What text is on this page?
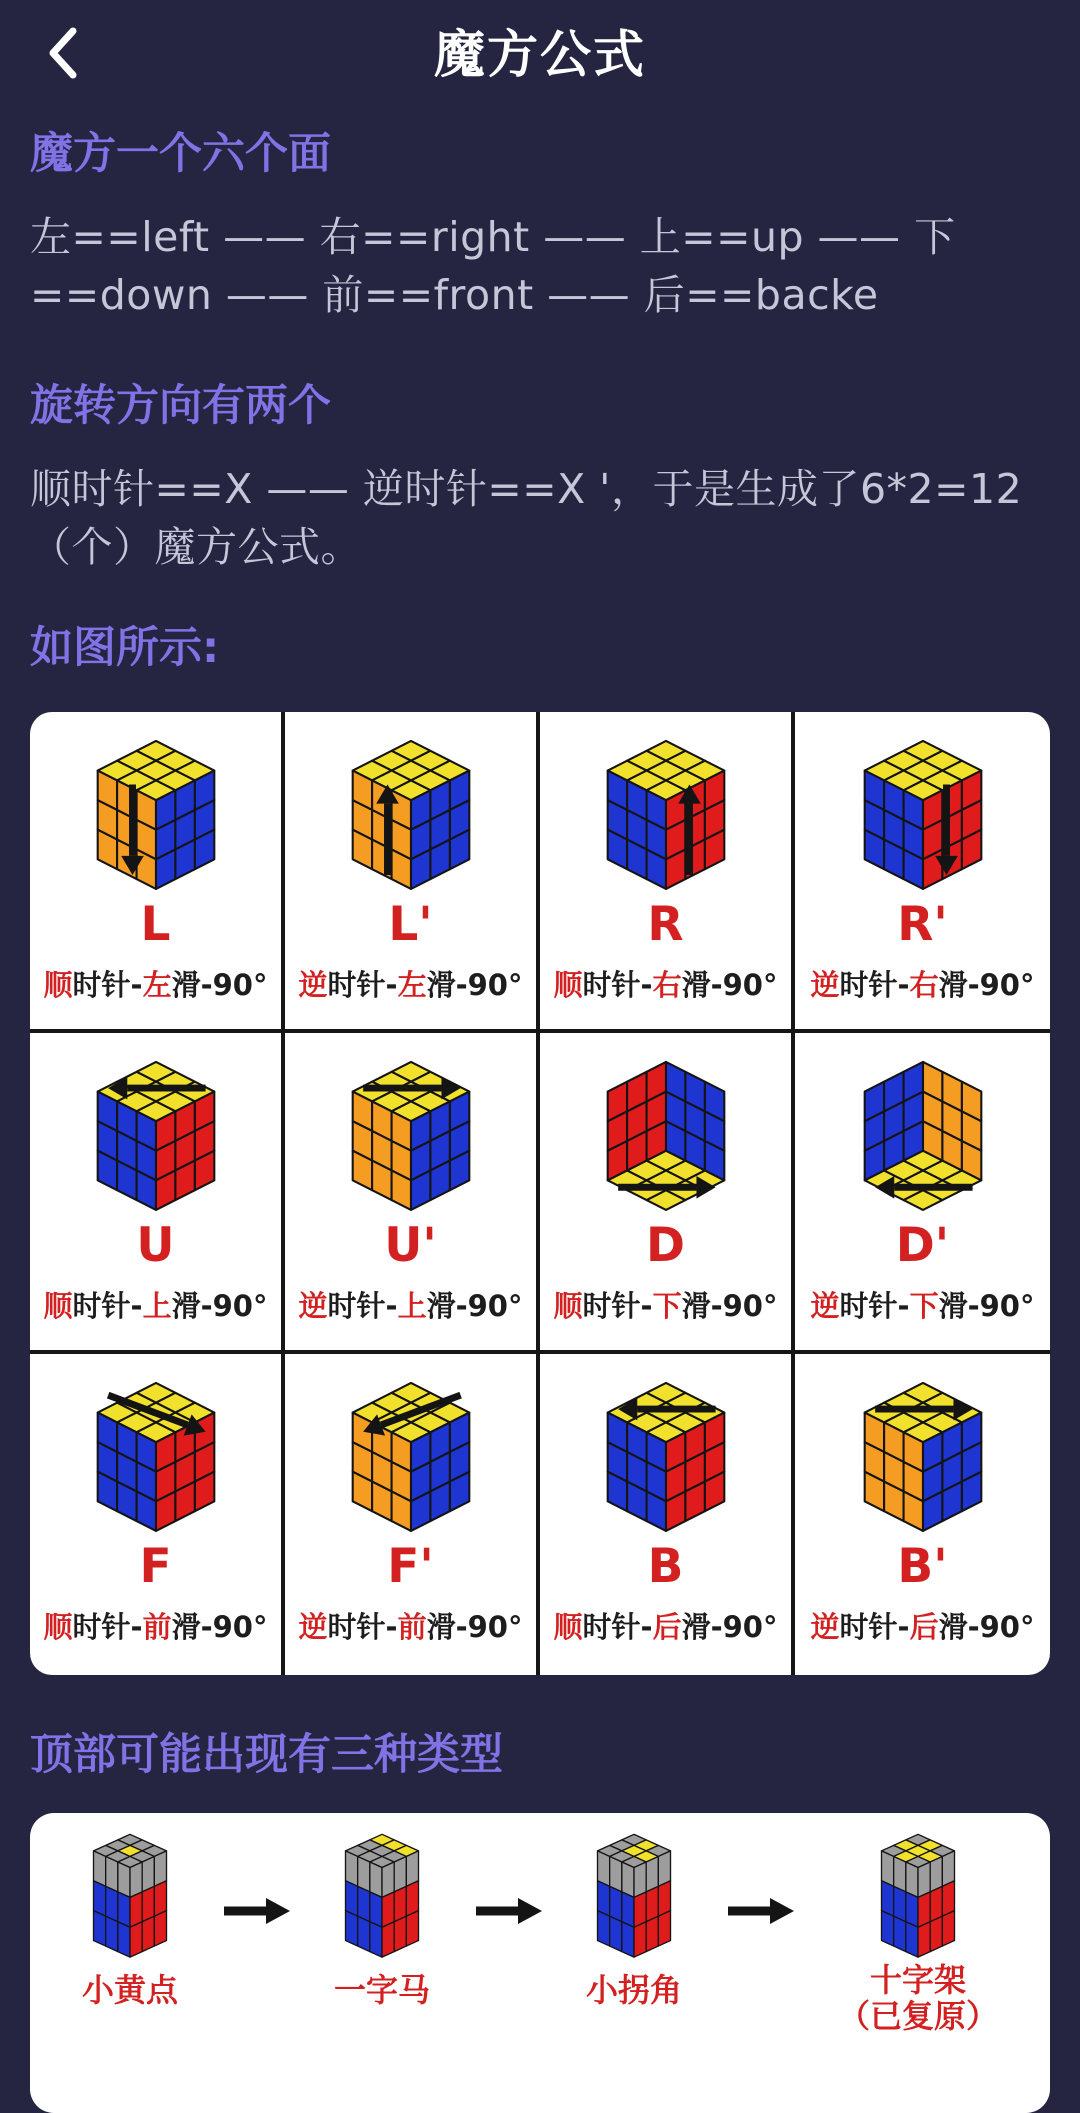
魔方公式
魔方一个六个面
左==left —— 右==right —— 上==up —— 下==down —— 前==front —— 后==backe
旋转方向有两个
顺时针==X —— 逆时针==X '，于是生成了6*2=12（个）魔方公式。
如图所示:
L
顺时针-左滑-90°
L'
逆时针-左滑-90°
R
顺时针-右滑-90°
R'
逆时针-右滑-90°
U
顺时针-上滑-90°
U'
逆时针-上滑-90°
D
顺时针-下滑-90°
D'
逆时针-下滑-90°
F
顺时针-前滑-90°
F'
逆时针-前滑-90°
B
顺时针-后滑-90°
B'
逆时针-后滑-90°
顶部可能出现有三种类型
小黄点	一字马	小拐角	十字架
（已复原）
